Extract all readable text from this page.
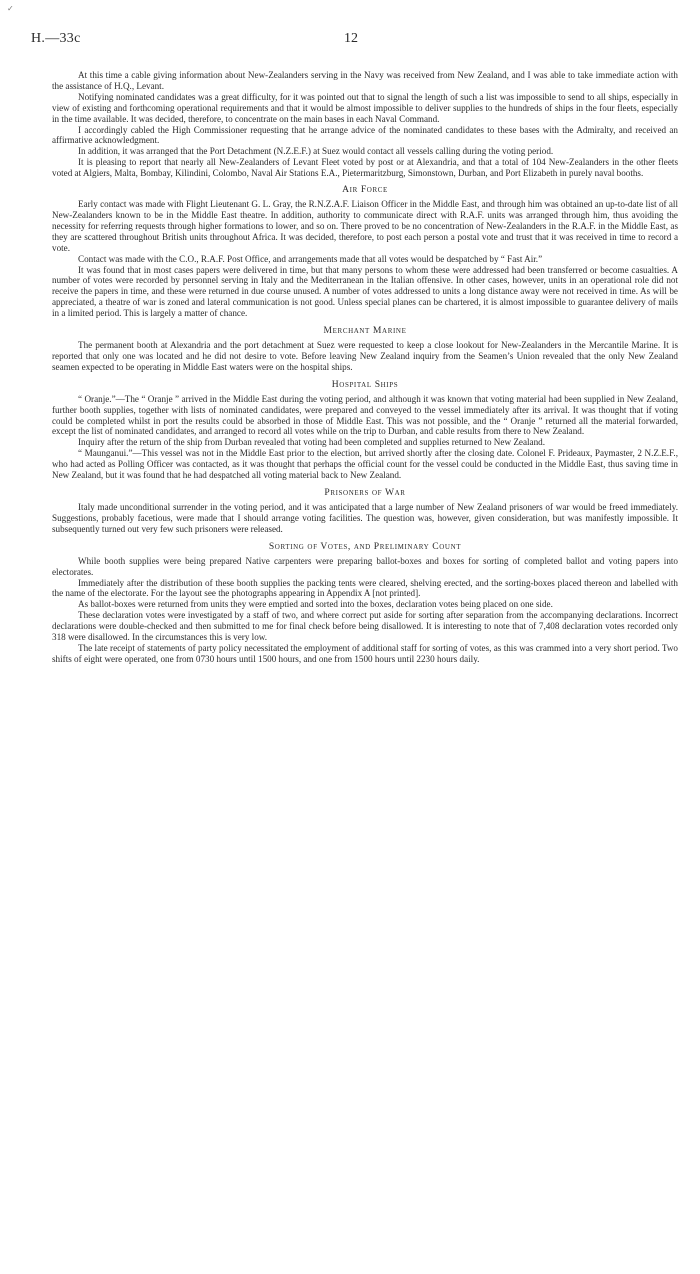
✓
H.—33c	12

At this time a cable giving information about New-Zealanders serving in the Navy was received from New Zealand, and I was able to take immediate action with the assistance of H.Q., Levant.

Notifying nominated candidates was a great difficulty, for it was pointed out that to signal the length of such a list was impossible to send to all ships, especially in view of existing and forthcoming operational requirements and that it would be almost impossible to deliver supplies to the hundreds of ships in the four fleets, especially in the time available. It was decided, therefore, to concentrate on the main bases in each Naval Command.

I accordingly cabled the High Commissioner requesting that he arrange advice of the nominated candidates to these bases with the Admiralty, and received an affirmative acknowledgment.

In addition, it was arranged that the Port Detachment (N.Z.E.F.) at Suez would contact all vessels calling during the voting period.

It is pleasing to report that nearly all New-Zealanders of Levant Fleet voted by post or at Alexandria, and that a total of 104 New-Zealanders in the other fleets voted at Algiers, Malta, Bombay, Kilindini, Colombo, Naval Air Stations E.A., Pietermaritzburg, Simonstown, Durban, and Port Elizabeth in purely naval booths.

Air Force

Early contact was made with Flight Lieutenant G. L. Gray, the R.N.Z.A.F. Liaison Officer in the Middle East, and through him was obtained an up-to-date list of all New-Zealanders known to be in the Middle East theatre. In addition, authority to communicate direct with R.A.F. units was arranged through him, thus avoiding the necessity for referring requests through higher formations to lower, and so on. There proved to be no concentration of New-Zealanders in the R.A.F. in the Middle East, as they are scattered throughout British units throughout Africa. It was decided, therefore, to post each person a postal vote and trust that it was received in time to record a vote.

Contact was made with the C.O., R.A.F. Post Office, and arrangements made that all votes would be despatched by “ Fast Air.”

It was found that in most cases papers were delivered in time, but that many persons to whom these were addressed had been transferred or become casualties. A number of votes were recorded by personnel serving in Italy and the Mediterranean in the Italian offensive. In other cases, however, units in an operational role did not receive the papers in time, and these were returned in due course unused. A number of votes addressed to units a long distance away were not received in time. As will be appreciated, a theatre of war is zoned and lateral communication is not good. Unless special planes can be chartered, it is almost impossible to guarantee delivery of mails in a limited period. This is largely a matter of chance.

Merchant Marine

The permanent booth at Alexandria and the port detachment at Suez were requested to keep a close lookout for New-Zealanders in the Mercantile Marine. It is reported that only one was located and he did not desire to vote. Before leaving New Zealand inquiry from the Seamen’s Union revealed that the only New Zealand seamen expected to be operating in Middle East waters were on the hospital ships.

Hospital Ships

“ Oranje.”—The “ Oranje ” arrived in the Middle East during the voting period, and although it was known that voting material had been supplied in New Zealand, further booth supplies, together with lists of nominated candidates, were prepared and conveyed to the vessel immediately after its arrival. It was thought that if voting could be completed whilst in port the results could be absorbed in those of Middle East. This was not possible, and the “ Oranje ” returned all the material forwarded, except the list of nominated candidates, and arranged to record all votes while on the trip to Durban, and cable results from there to New Zealand.

Inquiry after the return of the ship from Durban revealed that voting had been completed and supplies returned to New Zealand.

“ Maunganui.”—This vessel was not in the Middle East prior to the election, but arrived shortly after the closing date. Colonel F. Prideaux, Paymaster, 2 N.Z.E.F., who had acted as Polling Officer was contacted, as it was thought that perhaps the official count for the vessel could be conducted in the Middle East, thus saving time in New Zealand, but it was found that he had despatched all voting material back to New Zealand.

Prisoners of War

Italy made unconditional surrender in the voting period, and it was anticipated that a large number of New Zealand prisoners of war would be freed immediately. Suggestions, probably facetious, were made that I should arrange voting facilities. The question was, however, given consideration, but was manifestly impossible. It subsequently turned out very few such prisoners were released.

Sorting of Votes, and Preliminary Count

While booth supplies were being prepared Native carpenters were preparing ballot-boxes and boxes for sorting of completed ballot and voting papers into electorates.

Immediately after the distribution of these booth supplies the packing tents were cleared, shelving erected, and the sorting-boxes placed thereon and labelled with the name of the electorate. For the layout see the photographs appearing in Appendix A [not printed].

As ballot-boxes were returned from units they were emptied and sorted into the boxes, declaration votes being placed on one side.

These declaration votes were investigated by a staff of two, and where correct put aside for sorting after separation from the accompanying declarations. Incorrect declarations were double-checked and then submitted to me for final check before being disallowed. It is interesting to note that of 7,408 declaration votes recorded only 318 were disallowed. In the circumstances this is very low.

The late receipt of statements of party policy necessitated the employment of additional staff for sorting of votes, as this was crammed into a very short period. Two shifts of eight were operated, one from 0730 hours until 1500 hours, and one from 1500 hours until 2230 hours daily.
